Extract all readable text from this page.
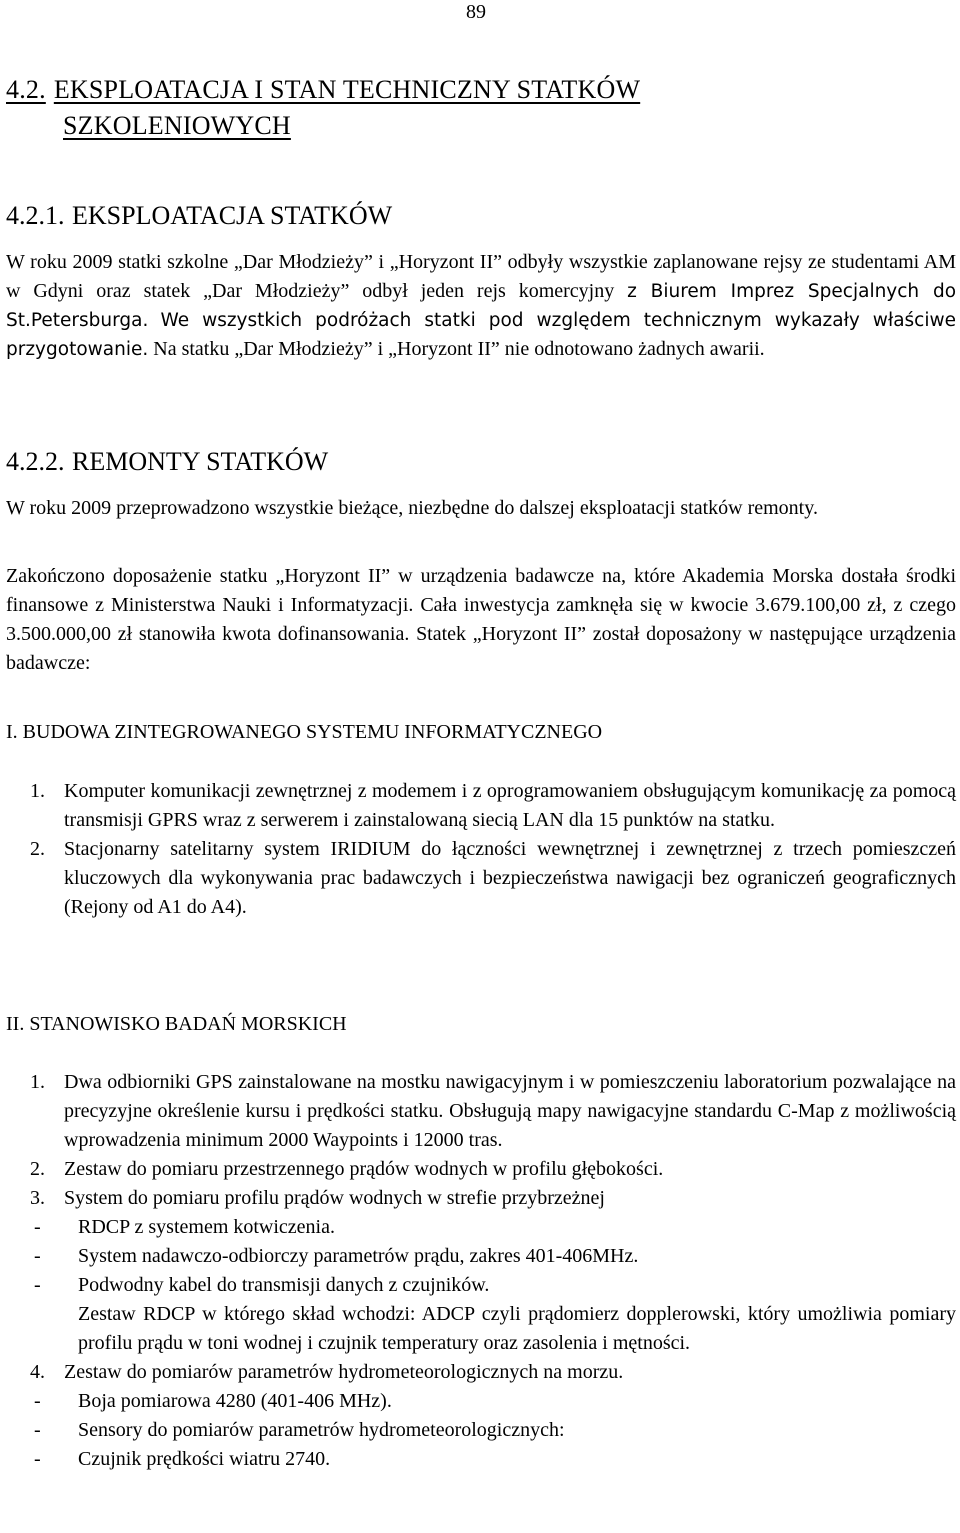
89
4.2. EKSPLOATACJA I STAN TECHNICZNY STATKÓW
SZKOLENIOWYCH
4.2.1. EKSPLOATACJA STATKÓW

W roku 2009 statki szkolne „Dar Młodzieży” i „Horyzont II” odbyły wszystkie zaplanowane rejsy ze studentami AM w Gdyni oraz statek „Dar Młodzieży” odbył jeden rejs komercyjny z Biurem Imprez Specjalnych do St.Petersburga. We wszystkich podróżach statki pod względem technicznym wykazały właściwe przygotowanie. Na statku „Dar Młodzieży” i „Horyzont II” nie odnotowano żadnych awarii.

4.2.2. REMONTY STATKÓW

W roku 2009 przeprowadzono wszystkie bieżące, niezbędne do dalszej eksploatacji statków remonty.

Zakończono doposażenie statku „Horyzont II” w urządzenia badawcze na, które Akademia Morska dostała środki finansowe z Ministerstwa Nauki i Informatyzacji. Cała inwestycja zamknęła się w kwocie 3.679.100,00 zł, z czego 3.500.000,00 zł stanowiła kwota dofinansowania. Statek „Horyzont II” został doposażony w następujące urządzenia badawcze:

I. BUDOWA ZINTEGROWANEGO SYSTEMU INFORMATYCZNEGO
1. Komputer komunikacji zewnętrznej z modemem i z oprogramowaniem obsługującym komunikację za pomocą transmisji GPRS wraz z serwerem i zainstalowaną siecią LAN dla 15 punktów na statku.
2. Stacjonarny satelitarny system IRIDIUM do łączności wewnętrznej i zewnętrznej z trzech pomieszczeń kluczowych dla wykonywania prac badawczych i bezpieczeństwa nawigacji bez ograniczeń geograficznych (Rejony od A1 do A4).
II. STANOWISKO BADAŃ MORSKICH
1. Dwa odbiorniki GPS zainstalowane na mostku nawigacyjnym i w pomieszczeniu laboratorium pozwalające na precyzyjne określenie kursu i prędkości statku. Obsługują mapy nawigacyjne standardu C-Map z możliwością wprowadzenia minimum 2000 Waypoints i 12000 tras.
2. Zestaw do pomiaru przestrzennego prądów wodnych w profilu głębokości.
3. System do pomiaru profilu prądów wodnych w strefie przybrzeżnej
- RDCP z systemem kotwiczenia.
- System nadawczo-odbiorczy parametrów prądu, zakres 401-406MHz.
- Podwodny kabel do transmisji danych z czujników.
Zestaw RDCP w którego skład wchodzi: ADCP czyli prądomierz dopplerowski, który umożliwia pomiary profilu prądu w toni wodnej i czujnik temperatury oraz zasolenia i mętności.
4. Zestaw do pomiarów parametrów hydrometeorologicznych na morzu.
- Boja pomiarowa 4280 (401-406 MHz).
- Sensory do pomiarów parametrów hydrometeorologicznych:
- Czujnik prędkości wiatru 2740.
